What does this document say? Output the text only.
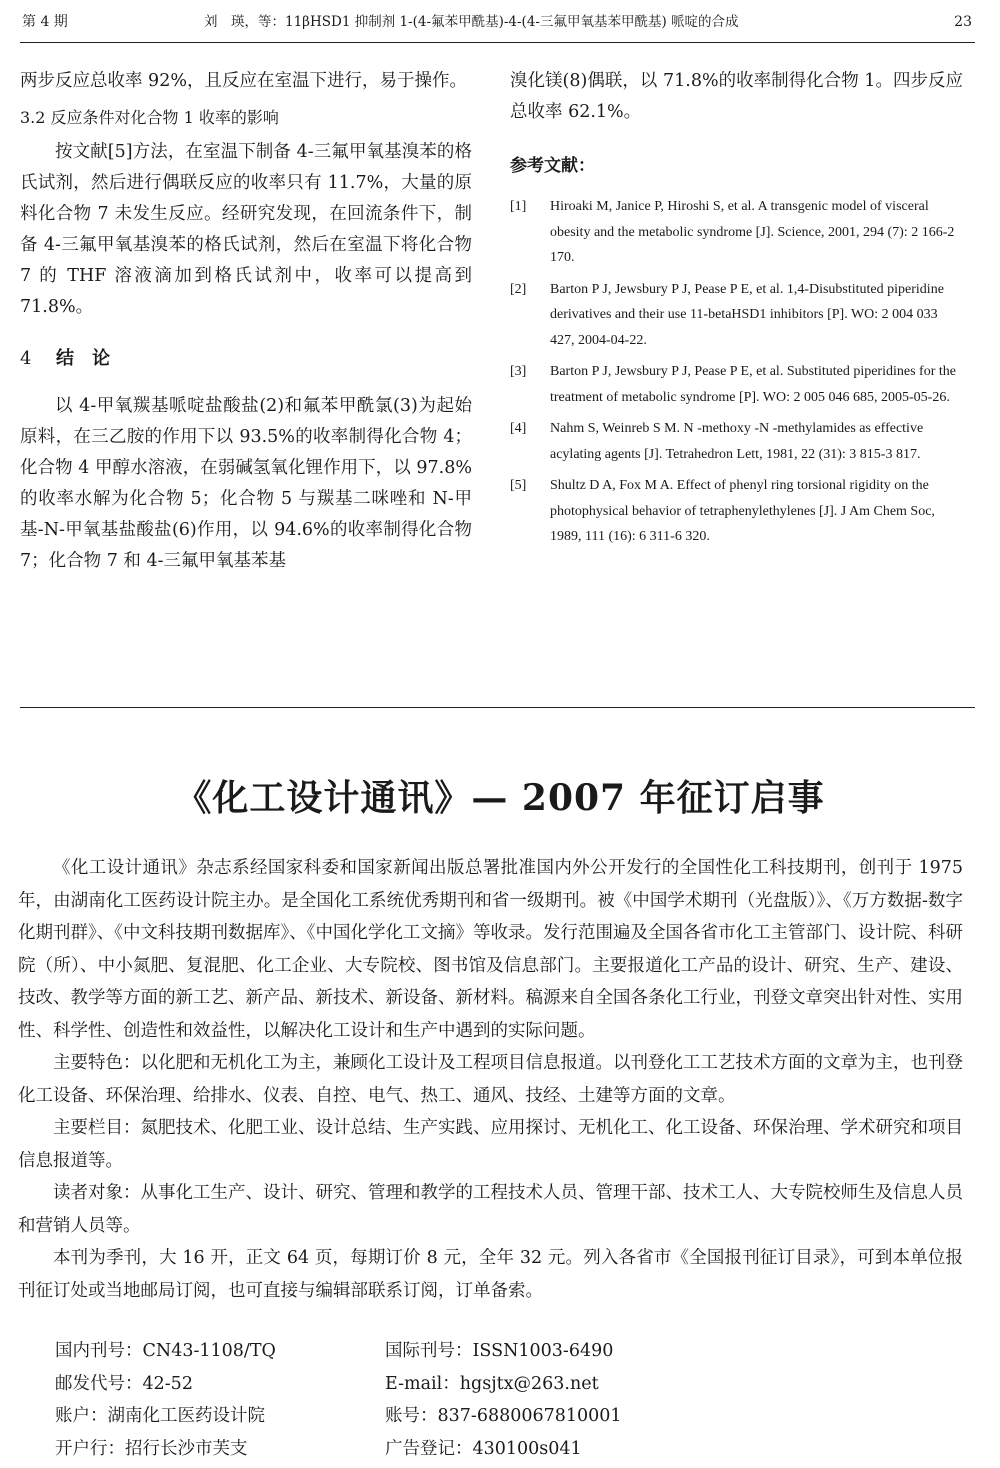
第 4 期	刘　瑛，等：11βHSD1 抑制剂 1-(4-氟苯甲酰基)-4-(4-三氟甲氧基苯甲酰基) 哌啶的合成	23

两步反应总收率 92%，且反应在室温下进行，易于操作。

3.2 反应条件对化合物 1 收率的影响

按文献[5]方法，在室温下制备 4-三氟甲氧基溴苯的格氏试剂，然后进行偶联反应的收率只有 11.7%，大量的原料化合物 7 未发生反应。经研究发现，在回流条件下，制备 4-三氟甲氧基溴苯的格氏试剂，然后在室温下将化合物 7 的 THF 溶液滴加到格氏试剂中，收率可以提高到 71.8%。

4 结　论

以 4-甲氧羰基哌啶盐酸盐(2)和氟苯甲酰氯(3)为起始原料，在三乙胺的作用下以 93.5%的收率制得化合物 4；化合物 4 甲醇水溶液，在弱碱氢氧化锂作用下，以 97.8%的收率水解为化合物 5；化合物 5 与羰基二咪唑和 N-甲基-N-甲氧基盐酸盐(6)作用，以 94.6%的收率制得化合物 7；化合物 7 和 4-三氟甲氧基苯基

溴化镁(8)偶联，以 71.8%的收率制得化合物 1。四步反应总收率 62.1%。

参考文献：
[1] Hiroaki M, Janice P, Hiroshi S, et al. A transgenic model of visceral obesity and the metabolic syndrome [J]. Science, 2001, 294 (7): 2 166-2 170.
[2] Barton P J, Jewsbury P J, Pease P E, et al. 1,4-Disubstituted piperidine derivatives and their use 11-betaHSD1 inhibitors [P]. WO: 2 004 033 427, 2004-04-22.
[3] Barton P J, Jewsbury P J, Pease P E, et al. Substituted piperidines for the treatment of metabolic syndrome [P]. WO: 2 005 046 685, 2005-05-26.
[4] Nahm S, Weinreb S M. N -methoxy -N -methylamides as effective acylating agents [J]. Tetrahedron Lett, 1981, 22 (31): 3 815-3 817.
[5] Shultz D A, Fox M A. Effect of phenyl ring torsional rigidity on the photophysical behavior of tetraphenylethylenes [J]. J Am Chem Soc, 1989, 111 (16): 6 311-6 320.
《化工设计通讯》— 2007 年征订启事

《化工设计通讯》杂志系经国家科委和国家新闻出版总署批准国内外公开发行的全国性化工科技期刊，创刊于 1975 年，由湖南化工医药设计院主办。是全国化工系统优秀期刊和省一级期刊。被《中国学术期刊（光盘版）》、《万方数据-数字化期刊群》、《中文科技期刊数据库》、《中国化学化工文摘》等收录。发行范围遍及全国各省市化工主管部门、设计院、科研院（所）、中小氮肥、复混肥、化工企业、大专院校、图书馆及信息部门。主要报道化工产品的设计、研究、生产、建设、技改、教学等方面的新工艺、新产品、新技术、新设备、新材料。稿源来自全国各条化工行业，刊登文章突出针对性、实用性、科学性、创造性和效益性，以解决化工设计和生产中遇到的实际问题。

主要特色：以化肥和无机化工为主，兼顾化工设计及工程项目信息报道。以刊登化工工艺技术方面的文章为主，也刊登化工设备、环保治理、给排水、仪表、自控、电气、热工、通风、技经、土建等方面的文章。

主要栏目：氮肥技术、化肥工业、设计总结、生产实践、应用探讨、无机化工、化工设备、环保治理、学术研究和项目信息报道等。

读者对象：从事化工生产、设计、研究、管理和教学的工程技术人员、管理干部、技术工人、大专院校师生及信息人员和营销人员等。

本刊为季刊，大 16 开，正文 64 页，每期订价 8 元，全年 32 元。列入各省市《全国报刊征订目录》，可到本单位报刊征订处或当地邮局订阅，也可直接与编辑部联系订阅，订单备索。

国内刊号：CN43-1108/TQ	国际刊号：ISSN1003-6490
邮发代号：42-52	E-mail：hgsjtx@263.net
账户：湖南化工医药设计院	账号：837-6880067810001
开户行：招行长沙市芙支	广告登记：430100s041
